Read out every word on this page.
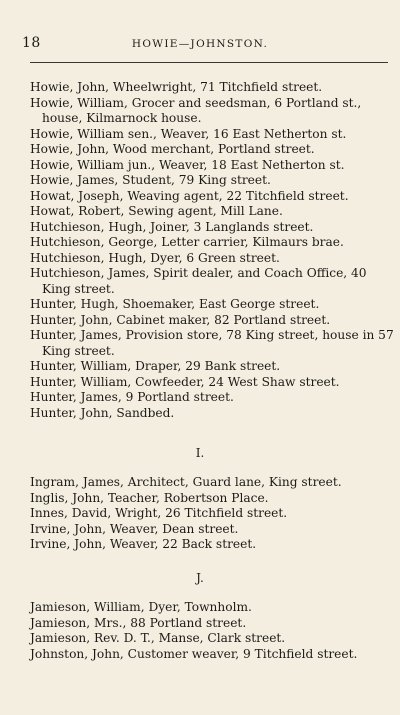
18	HOWIE—JOHNSTON.

Howie, John, Wheelwright, 71 Titchfield street.

Howie, William, Grocer and seedsman, 6 Portland st., house, Kilmarnock house.

Howie, William sen., Weaver, 16 East Netherton st.

Howie, John, Wood merchant, Portland street.

Howie, William jun., Weaver, 18 East Netherton st.

Howie, James, Student, 79 King street.

Howat, Joseph, Weaving agent, 22 Titchfield street.

Howat, Robert, Sewing agent, Mill Lane.

Hutchieson, Hugh, Joiner, 3 Langlands street.

Hutchieson, George, Letter carrier, Kilmaurs brae.

Hutchieson, Hugh, Dyer, 6 Green street.

Hutchieson, James, Spirit dealer, and Coach Office, 40 King street.

Hunter, Hugh, Shoemaker, East George street.

Hunter, John, Cabinet maker, 82 Portland street.

Hunter, James, Provision store, 78 King street, house in 57 King street.

Hunter, William, Draper, 29 Bank street.

Hunter, William, Cowfeeder, 24 West Shaw street.

Hunter, James, 9 Portland street.

Hunter, John, Sandbed.

I.

Ingram, James, Architect, Guard lane, King street.

Inglis, John, Teacher, Robertson Place.

Innes, David, Wright, 26 Titchfield street.

Irvine, John, Weaver, Dean street.

Irvine, John, Weaver, 22 Back street.

J.

Jamieson, William, Dyer, Townholm.

Jamieson, Mrs., 88 Portland street.

Jamieson, Rev. D. T., Manse, Clark street.

Johnston, John, Customer weaver, 9 Titchfield street.
